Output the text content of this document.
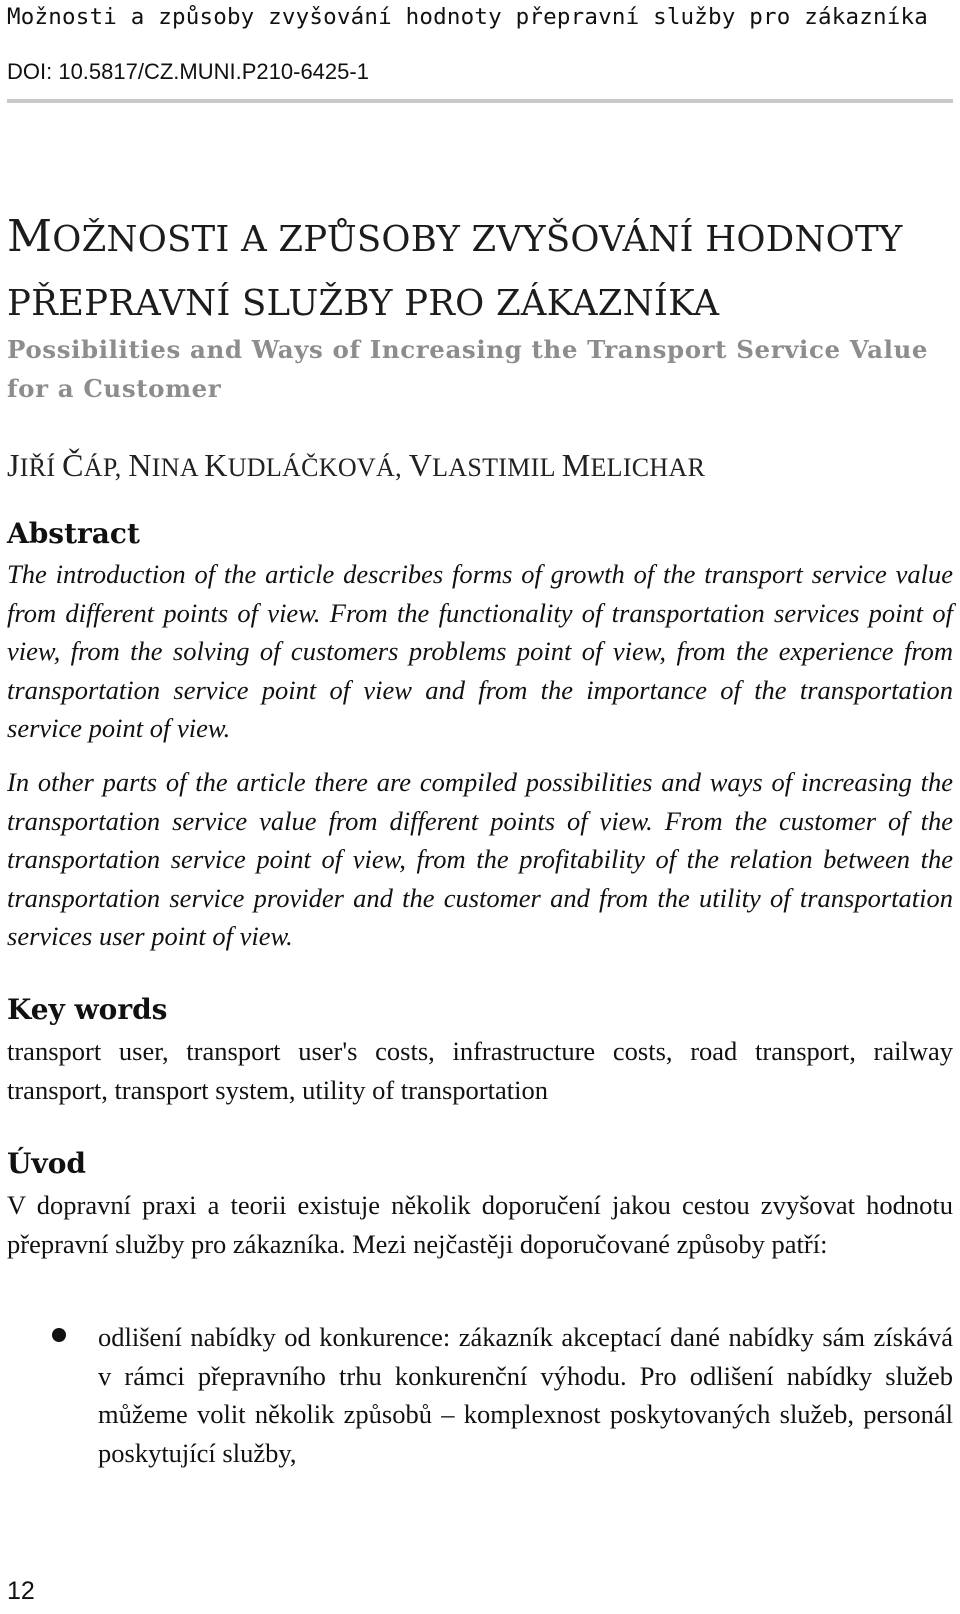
Možnosti a způsoby zvyšování hodnoty přepravní služby pro zákazníka
DOI: 10.5817/CZ.MUNI.P210-6425-1
MOŽNOSTI A ZPŮSOBY ZVYŠOVÁNÍ HODNOTY
PŘEPRAVNÍ SLUŽBY PRO ZÁKAZNÍKA
Possibilities and Ways of Increasing the Transport Service Value for a Customer
JIŘÍ ČÁP, NINA KUDLÁČKOVÁ, VLASTIMIL MELICHAR
Abstract

The introduction of the article describes forms of growth of the transport service value from different points of view. From the functionality of transportation services point of view, from the solving of customers problems point of view, from the experience from transportation service point of view and from the importance of the transportation service point of view.

In other parts of the article there are compiled possibilities and ways of increasing the transportation service value from different points of view. From the customer of the transportation service point of view, from the profitability of the relation between the transportation service provider and the customer and from the utility of transportation services user point of view.

Key words

transport user, transport user's costs, infrastructure costs, road transport, railway transport, transport system, utility of transportation

Úvod

V dopravní praxi a teorii existuje několik doporučení jakou cestou zvyšovat hodnotu přepravní služby pro zákazníka. Mezi nejčastěji doporučované způsoby patří:

odlišení nabídky od konkurence: zákazník akceptací dané nabídky sám získává v rámci přepravního trhu konkurenční výhodu. Pro odlišení nabídky služeb můžeme volit několik způsobů – komplexnost poskytovaných služeb, personál poskytující služby,

12
